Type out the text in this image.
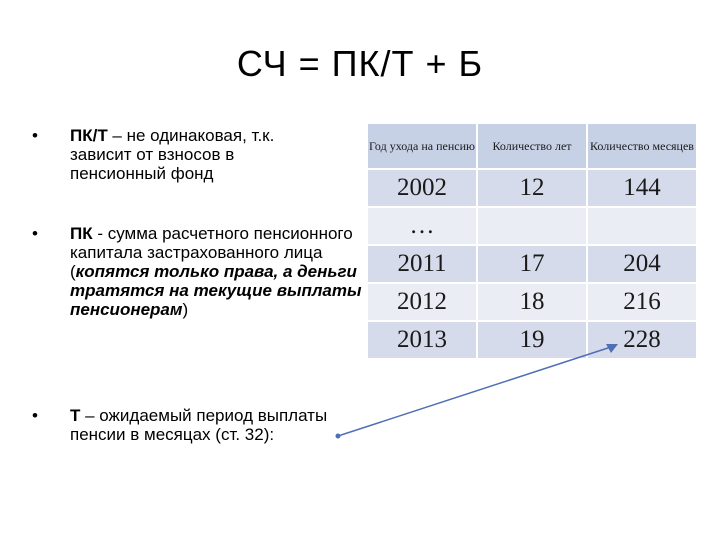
СЧ = ПК/Т + Б
• ПК/Т – не одинаковая, т.к. зависит от взносов в пенсионный фонд
• ПК - сумма расчетного пенсионного капитала застрахованного лица (копятся только права, а деньги тратятся на текущие выплаты пенсионерам)
• Т – ожидаемый период выплаты пенсии в месяцах (ст. 32):
Год ухода на пенсию	Количество лет	Количество месяцев
2002	12	144
…		
2011	17	204
2012	18	216
2013	19	228
